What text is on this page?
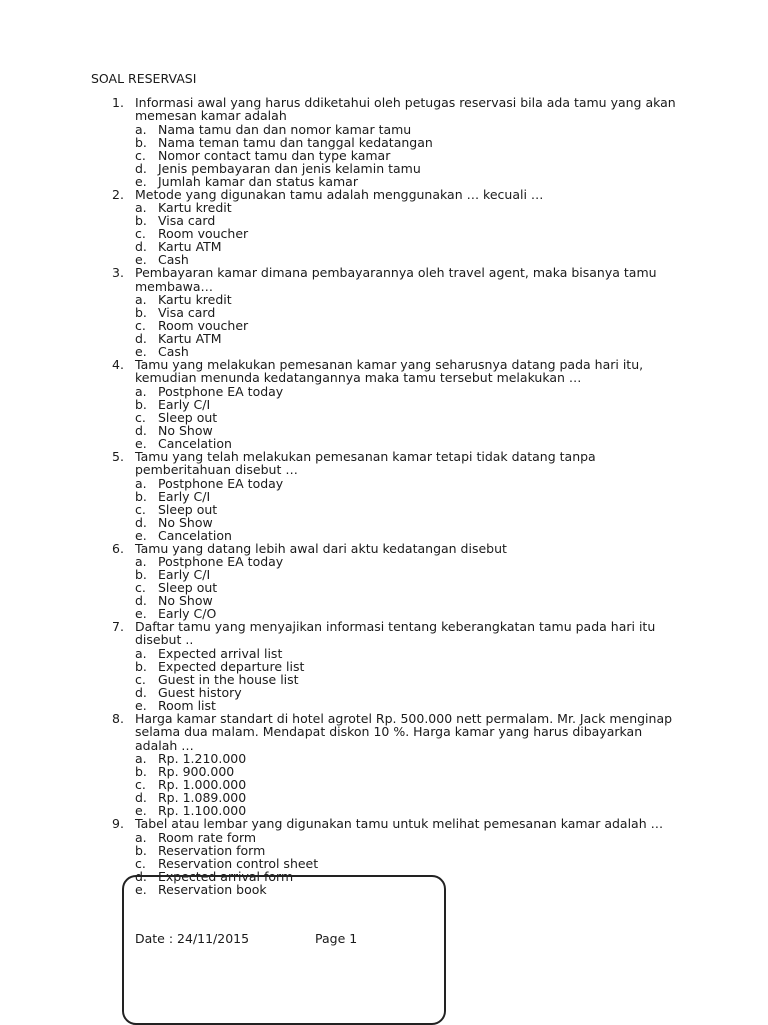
SOAL RESERVASI
1. Informasi awal yang harus ddiketahui oleh petugas reservasi bila ada tamu yang akan memesan kamar adalah
a. Nama tamu dan dan nomor kamar tamu
b. Nama teman tamu dan tanggal kedatangan
c. Nomor contact tamu dan type kamar
d. Jenis pembayaran dan jenis kelamin tamu
e. Jumlah kamar dan status kamar
2. Metode yang digunakan tamu adalah menggunakan … kecuali …
a. Kartu kredit
b. Visa card
c. Room voucher
d. Kartu ATM
e. Cash
3. Pembayaran kamar dimana pembayarannya oleh travel agent, maka bisanya tamu membawa…
a. Kartu kredit
b. Visa card
c. Room voucher
d. Kartu ATM
e. Cash
4. Tamu yang melakukan pemesanan kamar yang seharusnya datang pada hari itu, kemudian menunda kedatangannya maka tamu tersebut melakukan …
a. Postphone EA today
b. Early C/I
c. Sleep out
d. No Show
e. Cancelation
5. Tamu yang telah melakukan pemesanan kamar tetapi tidak datang tanpa pemberitahuan disebut …
a. Postphone EA today
b. Early C/I
c. Sleep out
d. No Show
e. Cancelation
6. Tamu yang datang lebih awal dari aktu kedatangan disebut
a. Postphone EA today
b. Early C/I
c. Sleep out
d. No Show
e. Early C/O
7. Daftar tamu yang menyajikan informasi tentang keberangkatan tamu pada hari itu disebut ..
a. Expected arrival list
b. Expected departure list
c. Guest in the house list
d. Guest history
e. Room list
8. Harga kamar standart di hotel agrotel Rp. 500.000 nett permalam. Mr. Jack menginap selama dua malam. Mendapat diskon 10 %. Harga kamar yang harus dibayarkan adalah …
a. Rp. 1.210.000
b. Rp. 900.000
c. Rp. 1.000.000
d. Rp. 1.089.000
e. Rp. 1.100.000
9. Tabel atau lembar yang digunakan tamu untuk melihat pemesanan kamar adalah …
a. Room rate form
b. Reservation form
c. Reservation control sheet
d. Expected arrival form
e. Reservation book
Date : 24/11/2015	Page 1
